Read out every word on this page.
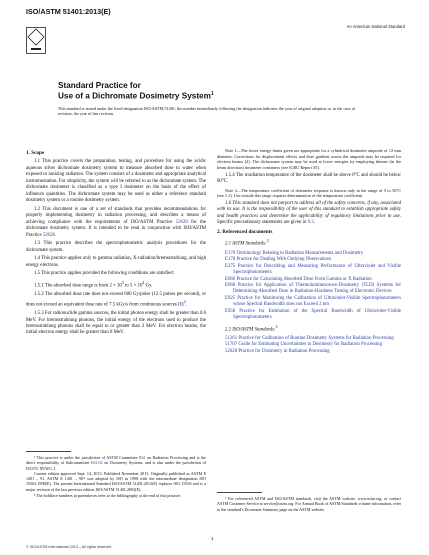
ISO/ASTM 51401:2013(E)
An American National Standard
Standard Practice for
Use of a Dichromate Dosimetry System$^1$
This standard is issued under the fixed designation ISO/ASTM 51401; the number immediately following the designation indicates the year of original adoption or, in the case of revision, the year of last revision.
1. Scope

1.1 This practice covers the preparation, testing, and procedure for using the acidic aqueous silver dichromate dosimetry system to measure absorbed dose to water when exposed to ionizing radiation. The system consists of a dosimeter and appropriate analytical instrumentation. For simplicity, the system will be referred to as the dichromate system. The dichromate dosimeter is classified as a type I dosimeter on the basis of the effect of influence quantities. The dichromate system may be used as either a reference standard dosimetry system or a routine dosimetry system.

1.2 This document is one of a set of standards that provides recommendations for properly implementing dosimetry in radiation processing, and describes a means of achieving compliance with the requirements of ISO/ASTM Practice 52628 for the dichromate dosimetry system. It is intended to be read in conjunction with ISO/ASTM Practice 52628.

1.3 This practice describes the spectrophotometric analysis procedures for the dichromate system.

1.4 This practice applies only to gamma radiation, X-radiation/bremsstrahlung, and high energy electrons.

1.5 This practice applies provided the following conditions are satisfied:

1.5.1 The absorbed dose range is from $2 \times 10^3$ to $5 \times 10^4$ Gy.

1.5.2 The absorbed dose rate does not exceed 600 Gy/pulse (12.5 pulses per second), or does not exceed an equivalent dose rate of 7.5 kGy/s from continuous sources $(1)^2$.

1.5.3 For radionuclide gamma sources, the initial photon energy shall be greater than 0.6 MeV. For bremsstrahlung photons, the initial energy of the electrons used to produce the bremsstrahlung photons shall be equal to or greater than 2 MeV. For electron beams, the initial electron energy shall be greater than 8 MeV.

¹ This practice is under the jurisdiction of ASTM Committee E61 on Radiation Processing and is the direct responsibility of Subcommittee E61.02 on Dosimetry Systems, and is also under the jurisdiction of ISO/TC 85/WG 3.
Current edition approved Sept. 14, 2013. Published November 2013. Originally published as ASTM E 1401 – 91. ASTM E 1401 – 96ᵉ¹ was adopted by ISO in 1998 with the intermediate designation ISO 15563:1998(E). The present International Standard ISO/ASTM 51401:2013(E) replaces ISO 15563 and is a major revision of the last previous edition ISO/ASTM 51401:2003(E).
² The boldface numbers in parentheses refer to the bibliography at the end of this practice.

Note 1—The lower energy limits given are appropriate for a cylindrical dosimeter ampoule of 12 mm diameter. Corrections for displacement effects and dose gradient across the ampoule may be required for electron beams (2). The dichromate system may be used at lower energies by employing thinner (in the beam direction) dosimeter containers (see ICRU Report 35).

1.5.4 The irradiation temperature of the dosimeter shall be above 0°C and should be below 80°C.

Note 2—The temperature coefficient of dosimeter response is known only in the range of 5 to 50°C (see 5.2). Use outside this range requires determination of the temperature coefficient.

1.6 This standard does not purport to address all of the safety concerns, if any, associated with its use. It is the responsibility of the user of this standard to establish appropriate safety and health practices and determine the applicability of regulatory limitations prior to use. Specific precautionary statements are given in 9.3.

2. Referenced documents

2.1 ASTM Standards:$^3$

E170 Terminology Relating to Radiation Measurements and Dosimetry
E178 Practice for Dealing With Outlying Observations
E275 Practice for Describing and Measuring Performance of Ultraviolet and Visible Spectrophotometers
E666 Practice for Calculating Absorbed Dose From Gamma or X Radiation
E668 Practice for Application of Thermoluminescence-Dosimetry (TLD) Systems for Determining Absorbed Dose in Radiation-Hardness Testing of Electronic Devices
E925 Practice for Monitoring the Calibration of Ultraviolet-Visible Spectrophotometers whose Spectral Bandwidth does not Exceed 2 nm
E958 Practice for Estimation of the Spectral Bandwidth of Ultraviolet-Visible Spectrophotometers

2.2 ISO/ASTM Standards:$^3$

51261 Practice for Calibration of Routine Dosimetry Systems for Radiation Processing
51707 Guide for Estimating Uncertainties in Dosimetry for Radiation Processing
52628 Practice for Dosimetry in Radiation Processing
³ For referenced ASTM and ISO/ASTM standards, visit the ASTM website, www.astm.org, or contact ASTM Customer Service at service@astm.org. For Annual Book of ASTM Standards volume information, refer to the standard's Document Summary page on the ASTM website.
1
© ISO/ASTM International 2013 – All rights reserved
